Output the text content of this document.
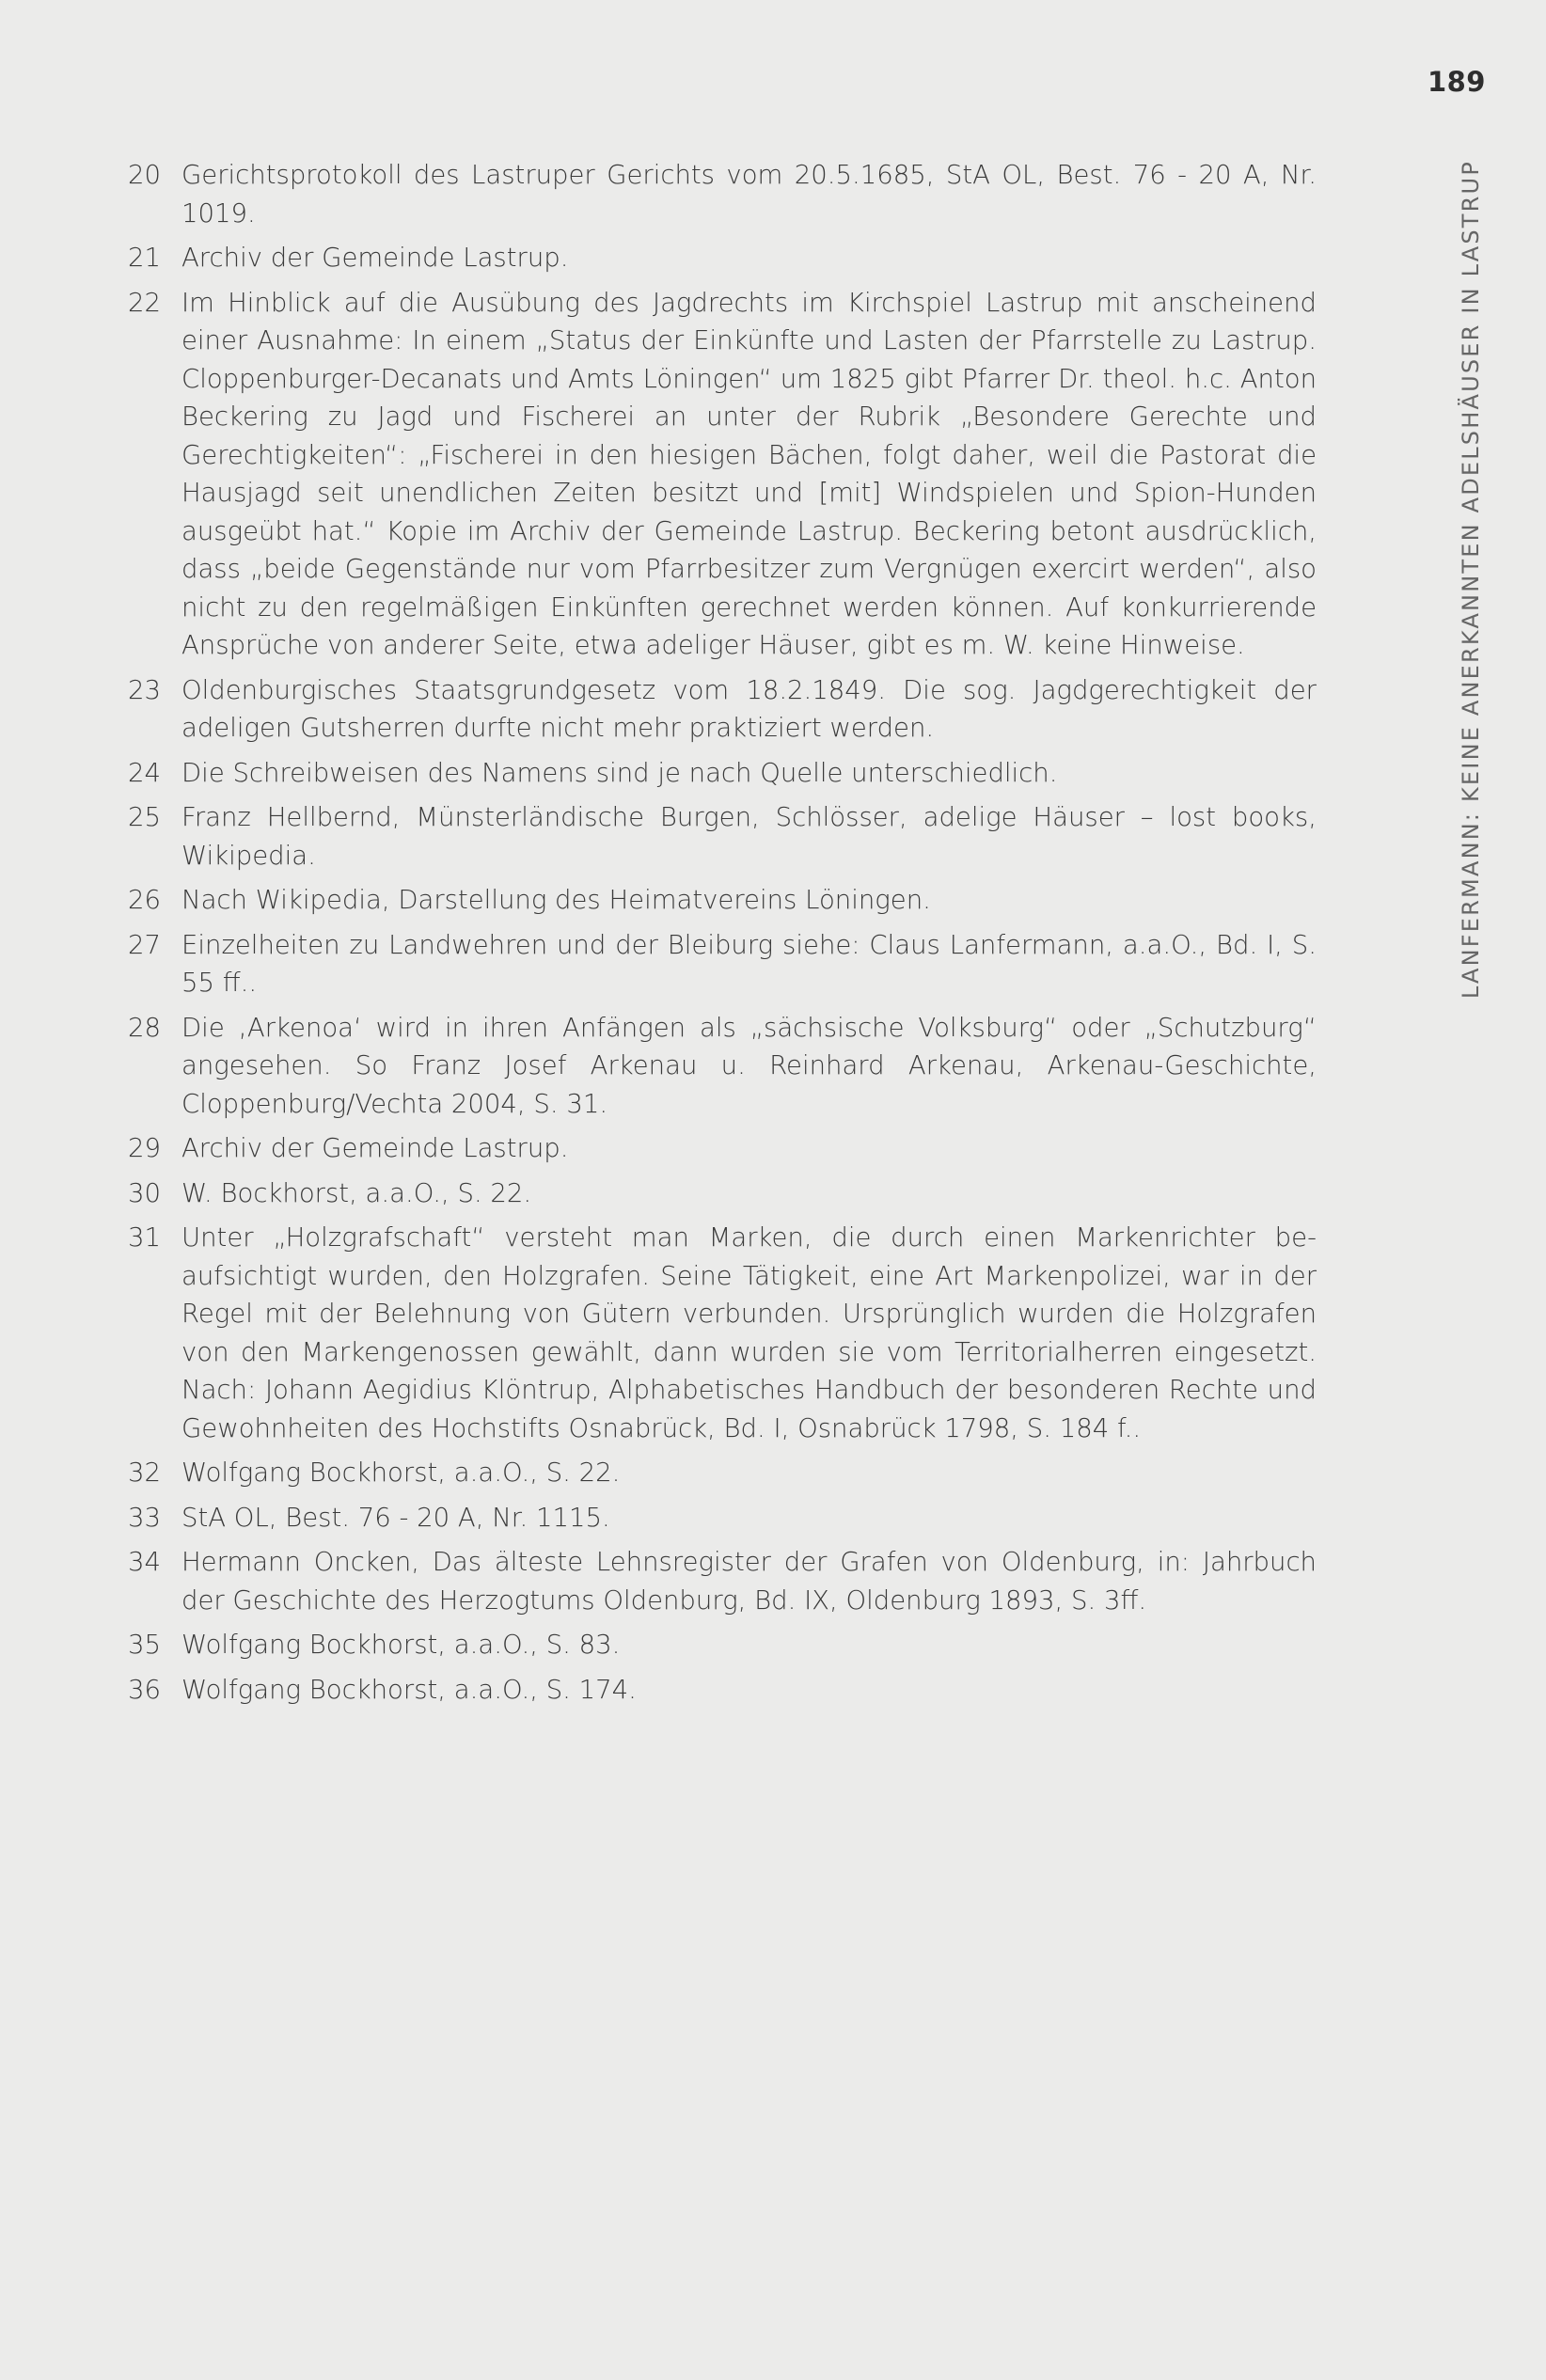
189
LANFERMANN: KEINE ANERKANNTEN ADELSHÄUSER IN LASTRUP
20 Gerichtsprotokoll des Lastruper Gerichts vom 20.5.1685, StA OL, Best. 76 - 20 A, Nr. 1019.
21 Archiv der Gemeinde Lastrup.
22 Im Hinblick auf die Ausübung des Jagdrechts im Kirchspiel Lastrup mit anscheinend einer Ausnahme: In einem „Status der Einkünfte und Lasten der Pfarrstelle zu Lastrup. Cloppenburger-Decanats und Amts Löningen“ um 1825 gibt Pfarrer Dr. theol. h.c. Anton Beckering zu Jagd und Fischerei an unter der Rubrik „Besondere Gerechte und Gerechtigkeiten“: „Fischerei in den hiesigen Bächen, folgt daher, weil die Pastorat die Hausjagd seit unendlichen Zeiten besitzt und [mit] Windspielen und Spion-Hunden ausgeübt hat.“ Kopie im Archiv der Gemeinde Lastrup. Beckering betont ausdrücklich, dass „beide Gegenstände nur vom Pfarrbesitzer zum Vergnügen exercirt werden“, also nicht zu den regelmäßigen Einkünften gerechnet werden können. Auf konkurrierende Ansprüche von anderer Seite, etwa adeliger Häuser, gibt es m. W. keine Hinweise.
23 Oldenburgisches Staatsgrundgesetz vom 18.2.1849. Die sog. Jagdgerechtigkeit der adeligen Gutsherren durfte nicht mehr praktiziert werden.
24 Die Schreibweisen des Namens sind je nach Quelle unterschiedlich.
25 Franz Hellbernd, Münsterländische Burgen, Schlösser, adelige Häuser – lost books, Wikipedia.
26 Nach Wikipedia, Darstellung des Heimatvereins Löningen.
27 Einzelheiten zu Landwehren und der Bleiburg siehe: Claus Lanfermann, a.a.O., Bd. I, S. 55 ff..
28 Die ‚Arkenoa‘ wird in ihren Anfängen als „sächsische Volksburg“ oder „Schutzburg“ angesehen. So Franz Josef Arkenau u. Reinhard Arkenau, Arkenau-Geschichte, Cloppenburg/Vechta 2004, S. 31.
29 Archiv der Gemeinde Lastrup.
30 W. Bockhorst, a.a.O., S. 22.
31 Unter „Holzgrafschaft“ versteht man Marken, die durch einen Markenrichter beaufsichtigt wurden, den Holzgrafen. Seine Tätigkeit, eine Art Markenpolizei, war in der Regel mit der Belehnung von Gütern verbunden. Ursprünglich wurden die Holzgrafen von den Markengenossen gewählt, dann wurden sie vom Territorialherren eingesetzt. Nach: Johann Aegidius Klöntrup, Alphabetisches Handbuch der besonderen Rechte und Gewohnheiten des Hochstifts Osnabrück, Bd. I, Osnabrück 1798, S. 184 f..
32 Wolfgang Bockhorst, a.a.O., S. 22.
33 StA OL, Best. 76 - 20 A, Nr. 1115.
34 Hermann Oncken, Das älteste Lehnsregister der Grafen von Oldenburg, in: Jahrbuch der Geschichte des Herzogtums Oldenburg, Bd. IX, Oldenburg 1893, S. 3ff.
35 Wolfgang Bockhorst, a.a.O., S. 83.
36 Wolfgang Bockhorst, a.a.O., S. 174.
